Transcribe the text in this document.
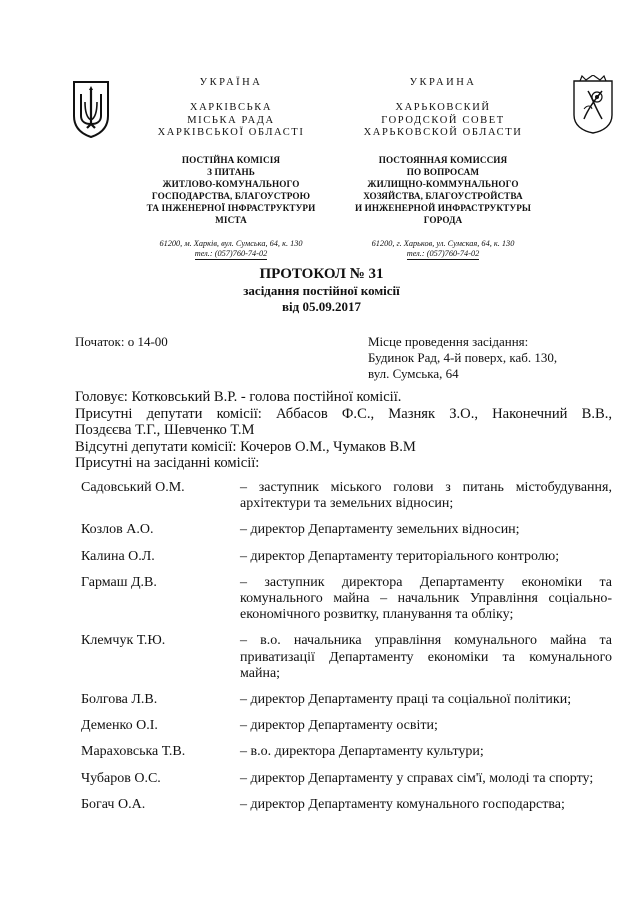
УКРАЇНА
ХАРКІВСЬКА
МІСЬКА РАДА
ХАРКІВСЬКОЇ ОБЛАСТІ
ПОСТІЙНА КОМІСІЯ
З ПИТАНЬ
ЖИТЛОВО-КОМУНАЛЬНОГО
ГОСПОДАРСТВА, БЛАГОУСТРОЮ
ТА ІНЖЕНЕРНОЇ ІНФРАСТРУКТУРИ
МІСТА
61200, м. Харків, вул. Сумська, 64, к. 130
тел.: (057)760-74-02
УКРАИНА
ХАРЬКОВСКИЙ
ГОРОДСКОЙ СОВЕТ
ХАРЬКОВСКОЙ ОБЛАСТИ
ПОСТОЯННАЯ КОМИССИЯ
ПО ВОПРОСАМ
ЖИЛИЩНО-КОММУНАЛЬНОГО
ХОЗЯЙСТВА, БЛАГОУСТРОЙСТВА
И ИНЖЕНЕРНОЙ ИНФРАСТРУКТУРЫ
ГОРОДА
61200, г. Харьков, ул. Сумская, 64, к. 130
тел.: (057)760-74-02
ПРОТОКОЛ № 31
засідання постійної комісії
від 05.09.2017
Початок: о 14-00	Місце проведення засідання:
Будинок Рад, 4-й поверх, каб. 130,
вул. Сумська, 64

Головує: Котковський В.Р. - голова постійної комісії.

Присутні депутати комісії: Аббасов Ф.С., Мазняк З.О., Наконечний В.В.,

Поздєєва Т.Г., Шевченко Т.М

Відсутні депутати комісії: Кочеров О.М., Чумаков В.М

Присутні на засіданні комісії:

Садовський О.М.	– заступник міського голови з питань містобудування, архітектури та земельних відносин;
Козлов А.О.	– директор Департаменту земельних відносин;
Калина О.Л.	– директор Департаменту територіального контролю;
Гармаш Д.В.	– заступник директора Департаменту економіки та комунального майна – начальник Управління соціально-економічного розвитку, планування та обліку;
Клемчук Т.Ю.	– в.о. начальника управління комунального майна та приватизації Департаменту економіки та комунального майна;
Болгова Л.В.	– директор Департаменту праці та соціальної політики;
Деменко О.І.	– директор Департаменту освіти;
Мараховська Т.В.	– в.о. директора Департаменту культури;
Чубаров О.С.	– директор Департаменту у справах сім'ї, молоді та спорту;
Богач О.А.	– директор Департаменту комунального господарства;
